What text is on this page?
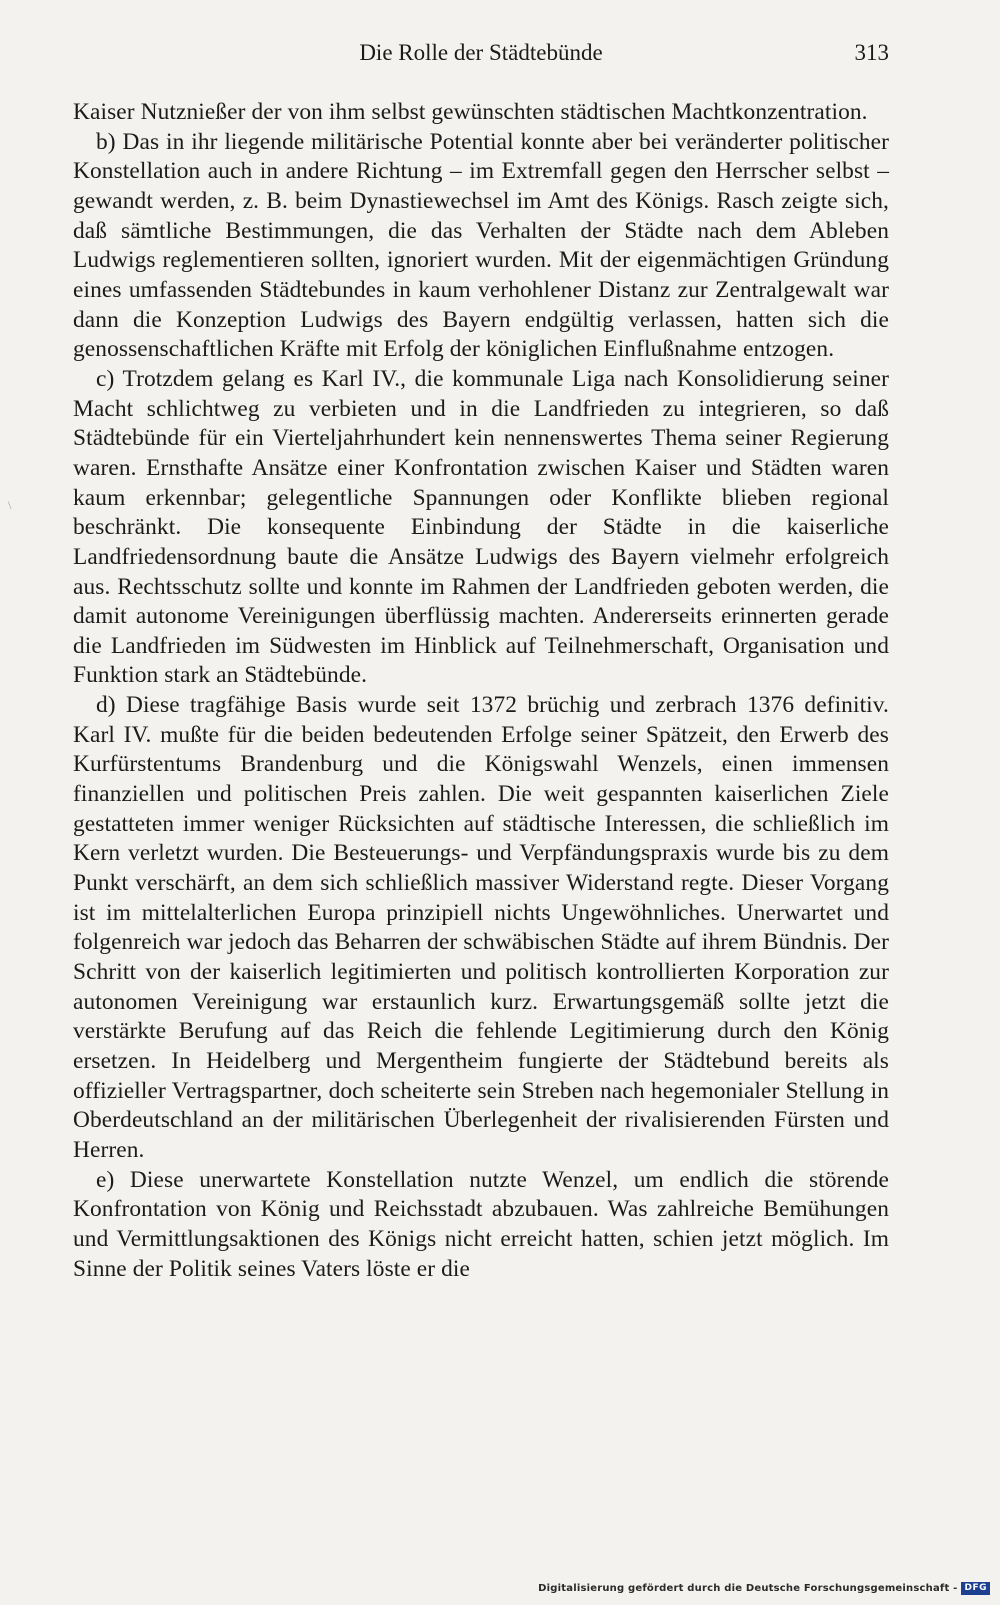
Die Rolle der Städtebünde	313
\

Kaiser Nutznießer der von ihm selbst gewünschten städtischen Machtkonzentration.

b) Das in ihr liegende militärische Potential konnte aber bei veränderter politischer Konstellation auch in andere Richtung – im Extremfall gegen den Herrscher selbst – gewandt werden, z. B. beim Dynastiewechsel im Amt des Königs. Rasch zeigte sich, daß sämtliche Bestimmungen, die das Verhalten der Städte nach dem Ableben Ludwigs reglementieren sollten, ignoriert wurden. Mit der eigenmächtigen Gründung eines umfassenden Städtebundes in kaum verhohlener Distanz zur Zentralgewalt war dann die Konzeption Ludwigs des Bayern endgültig verlassen, hatten sich die genossenschaftlichen Kräfte mit Erfolg der königlichen Einflußnahme entzogen.

c) Trotzdem gelang es Karl IV., die kommunale Liga nach Konsolidierung seiner Macht schlichtweg zu verbieten und in die Landfrieden zu integrieren, so daß Städtebünde für ein Vierteljahrhundert kein nennenswertes Thema seiner Regierung waren. Ernsthafte Ansätze einer Konfrontation zwischen Kaiser und Städten waren kaum erkennbar; gelegentliche Spannungen oder Konflikte blieben regional beschränkt. Die konsequente Einbindung der Städte in die kaiserliche Landfriedensordnung baute die Ansätze Ludwigs des Bayern vielmehr erfolgreich aus. Rechtsschutz sollte und konnte im Rahmen der Landfrieden geboten werden, die damit autonome Vereinigungen überflüssig machten. Andererseits erinnerten gerade die Landfrieden im Südwesten im Hinblick auf Teilnehmerschaft, Organisation und Funktion stark an Städtebünde.

d) Diese tragfähige Basis wurde seit 1372 brüchig und zerbrach 1376 definitiv. Karl IV. mußte für die beiden bedeutenden Erfolge seiner Spätzeit, den Erwerb des Kurfürstentums Brandenburg und die Königswahl Wenzels, einen immensen finanziellen und politischen Preis zahlen. Die weit gespannten kaiserlichen Ziele gestatteten immer weniger Rücksichten auf städtische Interessen, die schließlich im Kern verletzt wurden. Die Besteuerungs- und Verpfändungspraxis wurde bis zu dem Punkt verschärft, an dem sich schließlich massiver Widerstand regte. Dieser Vorgang ist im mittelalterlichen Europa prinzipiell nichts Ungewöhnliches. Unerwartet und folgenreich war jedoch das Beharren der schwäbischen Städte auf ihrem Bündnis. Der Schritt von der kaiserlich legitimierten und politisch kontrollierten Korporation zur autonomen Vereinigung war erstaunlich kurz. Erwartungsgemäß sollte jetzt die verstärkte Berufung auf das Reich die fehlende Legitimierung durch den König ersetzen. In Heidelberg und Mergentheim fungierte der Städtebund bereits als offizieller Vertragspartner, doch scheiterte sein Streben nach hegemonialer Stellung in Oberdeutschland an der militärischen Überlegenheit der rivalisierenden Fürsten und Herren.

e) Diese unerwartete Konstellation nutzte Wenzel, um endlich die störende Konfrontation von König und Reichsstadt abzubauen. Was zahlreiche Bemühungen und Vermittlungsaktionen des Königs nicht erreicht hatten, schien jetzt möglich. Im Sinne der Politik seines Vaters löste er die

Digitalisierung gefördert durch die Deutsche Forschungsgemeinschaft - DFG
